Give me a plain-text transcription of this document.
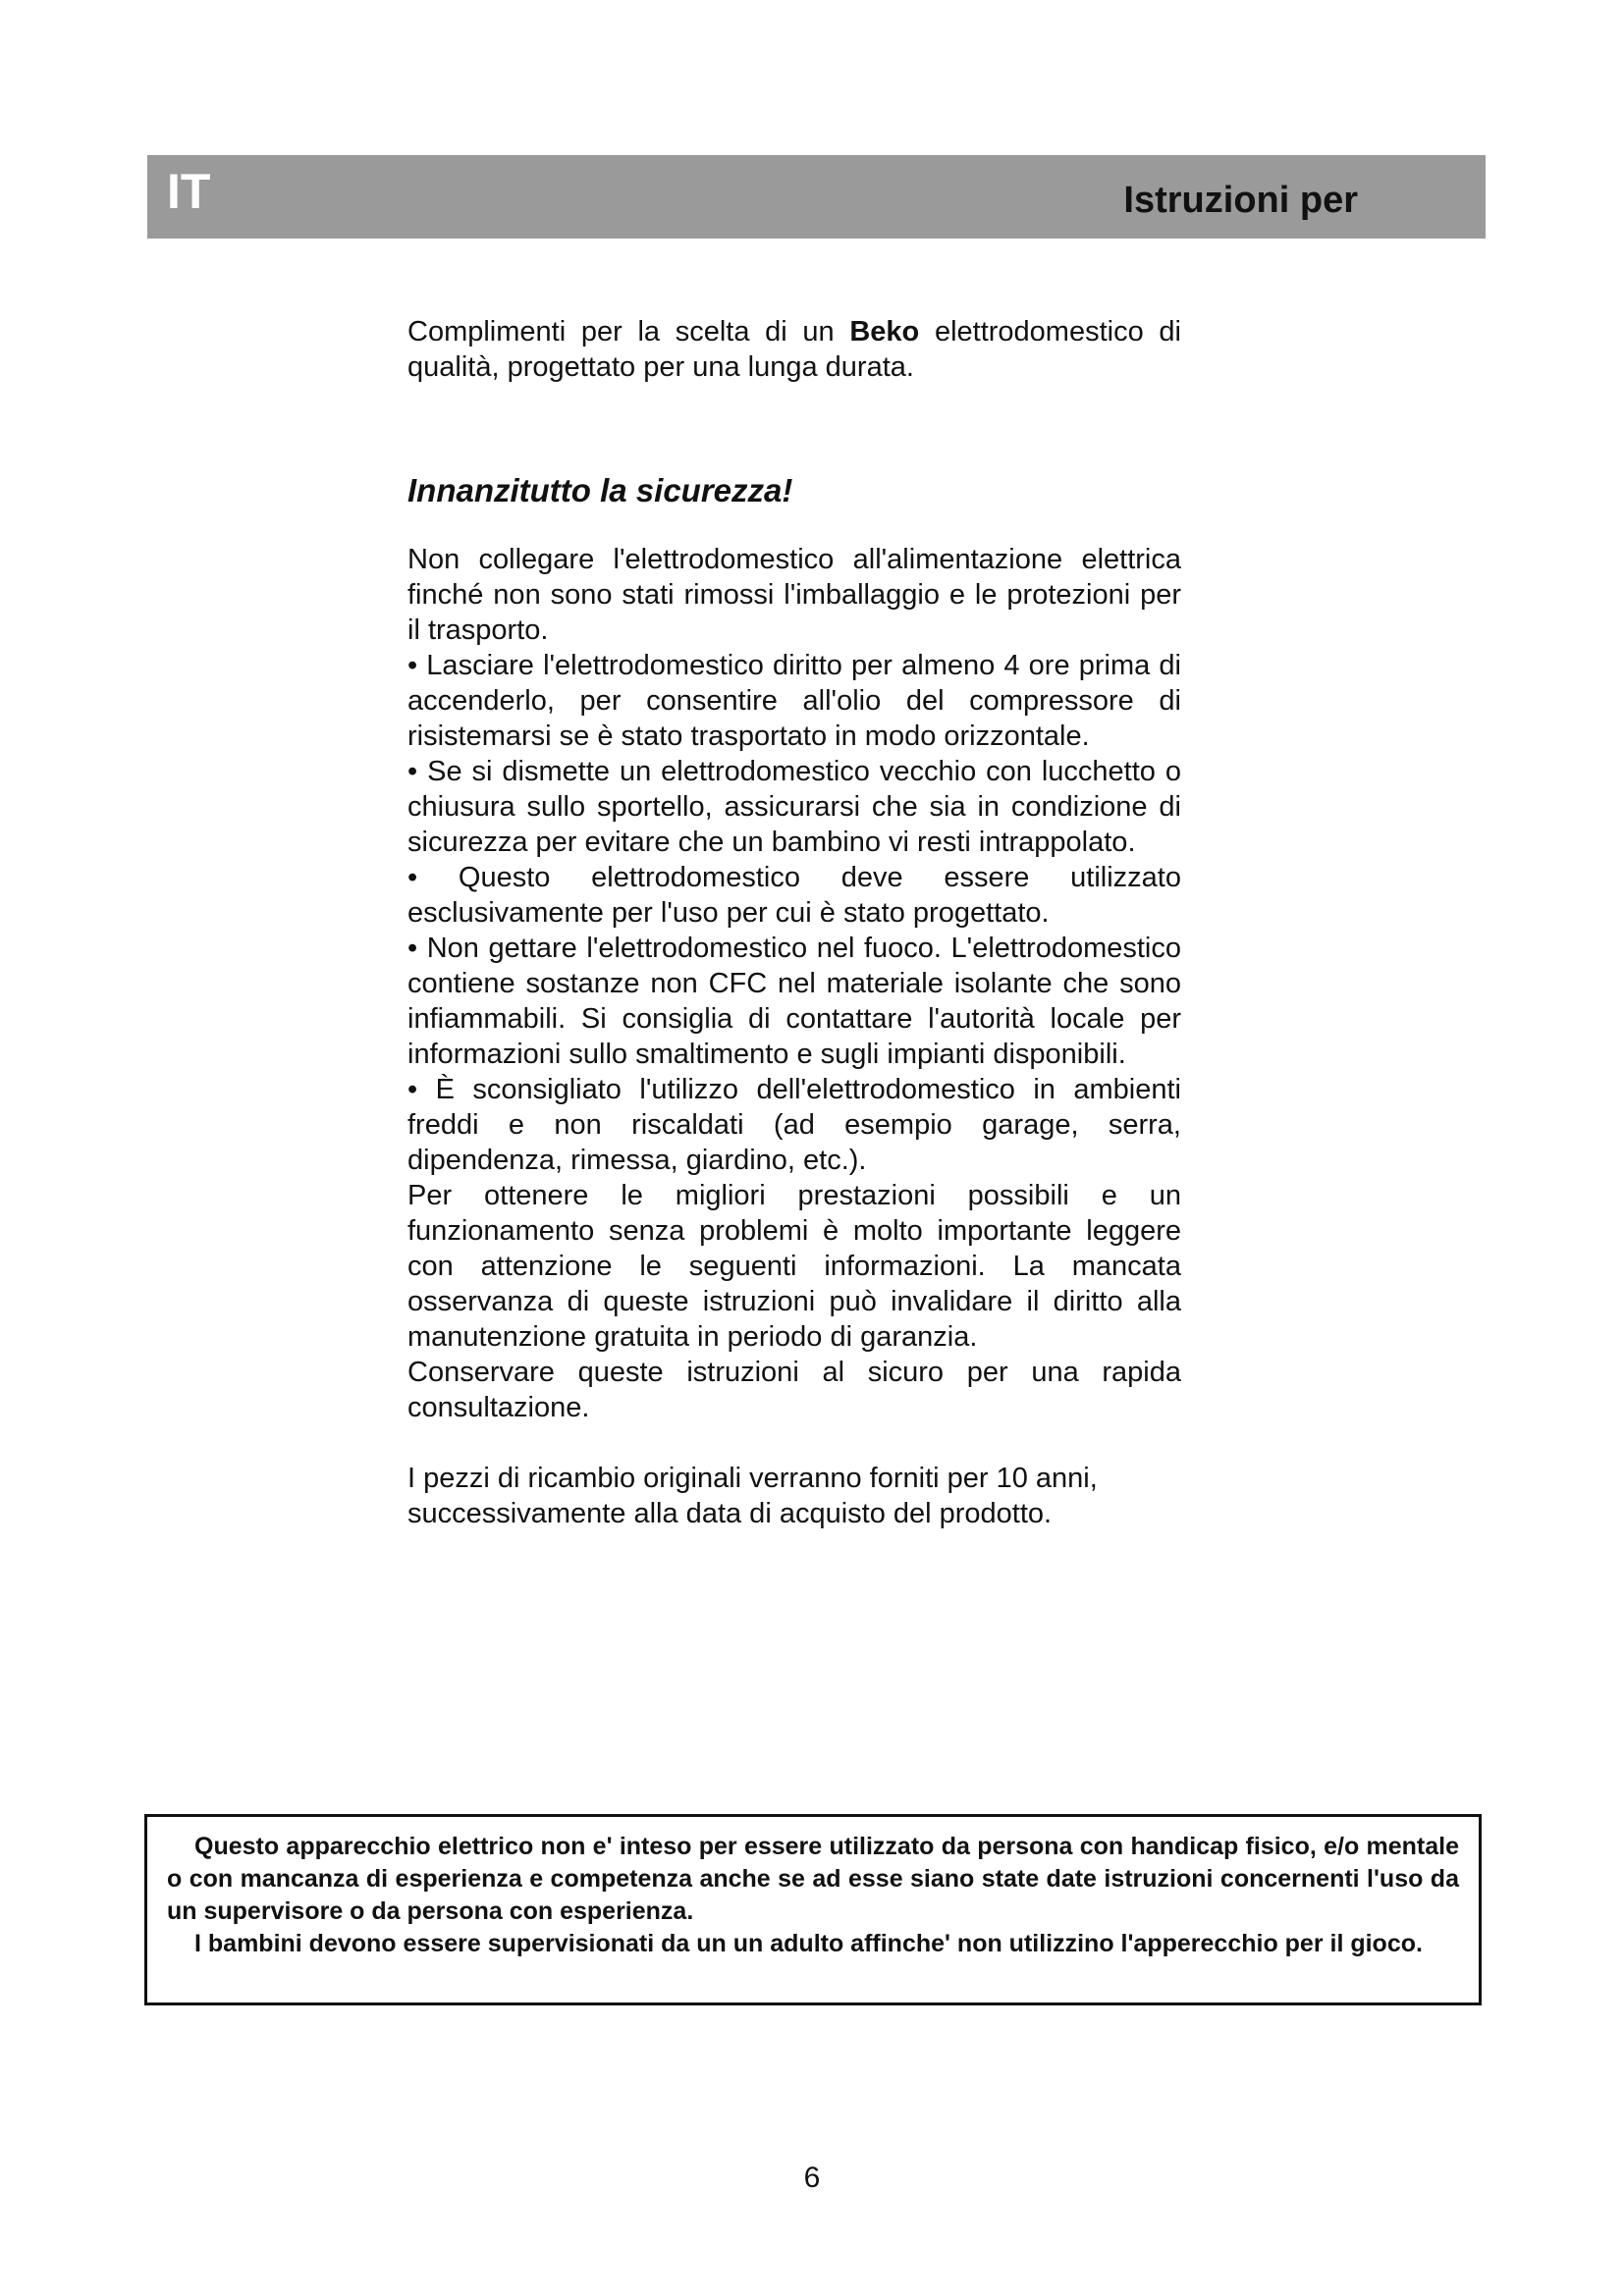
IT	Istruzioni per

Complimenti per la scelta di un Beko elettrodomestico di qualità, progettato per una lunga durata.

Innanzitutto la sicurezza!

Non collegare l'elettrodomestico all'alimentazione elettrica finché non sono stati rimossi l'imballaggio e le protezioni per il trasporto.

• Lasciare l'elettrodomestico diritto per almeno 4 ore prima di accenderlo, per consentire all'olio del compressore di risistemarsi se è stato trasportato in modo orizzontale.

• Se si dismette un elettrodomestico vecchio con lucchetto o chiusura sullo sportello, assicurarsi che sia in condizione di sicurezza per evitare che un bambino vi resti intrappolato.

• Questo elettrodomestico deve essere utilizzato esclusivamente per l'uso per cui è stato progettato.

• Non gettare l'elettrodomestico nel fuoco. L'elettrodomestico contiene sostanze non CFC nel materiale isolante che sono infiammabili. Si consiglia di contattare l'autorità locale per informazioni sullo smaltimento e sugli impianti disponibili.

• È sconsigliato l'utilizzo dell'elettrodomestico in ambienti freddi e non riscaldati (ad esempio garage, serra, dipendenza, rimessa, giardino, etc.).

Per ottenere le migliori prestazioni possibili e un funzionamento senza problemi è molto importante leggere con attenzione le seguenti informazioni. La mancata osservanza di queste istruzioni può invalidare il diritto alla manutenzione gratuita in periodo di garanzia.

Conservare queste istruzioni al sicuro per una rapida consultazione.

I pezzi di ricambio originali verranno forniti per 10 anni, successivamente alla data di acquisto del prodotto.

Questo apparecchio elettrico non e' inteso per essere utilizzato da persona con handicap fisico, e/o mentale o con mancanza di esperienza e competenza anche se ad esse siano state date istruzioni concernenti l'uso da un supervisore o da persona con esperienza.

I bambini devono essere supervisionati da un un adulto affinche' non utilizzino l'apperecchio per il gioco.

6
